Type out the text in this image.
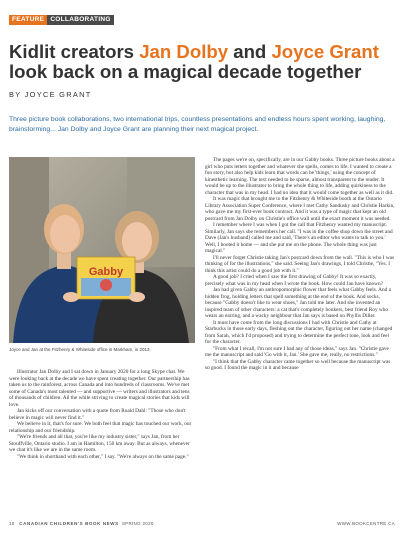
FEATURE COLLABORATING
Kidlit creators Jan Dolby and Joyce Grant look back on a magical decade together
BY JOYCE GRANT
Three picture book collaborations, two international trips, countless presentations and endless hours spent working, laughing, brainstorming... Jan Dolby and Joyce Grant are planning their next magical project.
Gabby
Joyce and Jan at the Fitzhenry & Whiteside office in Markham, in 2013.

Illustrator Jan Dolby and I sat down in January 2020 for a long Skype chat. We were looking back at the decade we have spent creating together. Our partnership has taken us to the rainforest, across Canada and into hundreds of classrooms. We've met some of Canada's most talented — and supportive — writers and illustrators and tens of thousands of children. All the while striving to create magical stories that kids will love.

Jan kicks off our conversation with a quote from Roald Dahl: "Those who don't believe in magic will never find it."

We believe in it, that's for sure. We both feel that magic has touched our work, our relationship and our friendship.

"We're friends and all that, you're like my industry sister," says Jan, from her Stouffville, Ontario studio. I am in Hamilton, 150 km away. But as always, whenever we chat it's like we are in the same room.

"We think in shorthand with each other," I say. "We're always on the same page."

The pages we're on, specifically, are in our Gabby books. Three picture books about a girl who puts letters together and whatever she spells, comes to life. I wanted to create a fun story, but also help kids learn that words can be 'things,' using the concept of kinesthetic learning. The text needed to be sparse, almost transparent to the reader. It would be up to the illustrator to bring the whole thing to life, adding quirkiness to the character that was in my head. I had no idea that it would come together as well as it did.

It was magic that brought me to the Fitzhenry & Whiteside booth at the Ontario Library Association Super Conference, where I met Cathy Sandusky and Christie Harkin, who gave me my first-ever book contract. And it was a type of magic that kept an old postcard from Jan Dolby on Christie's office wall until the exact moment it was needed.

I remember where I was when I got the call that Fitzhenry wanted my manuscript. Similarly, Jan says she remembers her call. "I was in the coffee shop down the street and Dave (Jan's husband) called me and said, 'There's an editor who wants to talk to you.' Well, I booted it home — and she put me on the phone. The whole thing was just magical."

I'll never forget Christie taking Jan's postcard down from the wall. "This is who I was thinking of for the illustrations," she said. Seeing Jan's drawings, I told Christie, "Yes. I think this artist could do a good job with it."

A good job? I cried when I saw the first drawing of Gabby! It was so exactly, precisely what was in my head when I wrote the book. How could Jan have known?

Jan had given Gabby an anthropomorphic flower that feels what Gabby feels. And a hidden frog, holding letters that spell something at the end of the book. And socks, because "Gabby doesn't like to wear shoes," Jan told me later. And she invented an inspired team of other characters: a cat that's completely bonkers, best friend Roy who wears an earring, and a wacky neighbour that Jan says is based on Phyllis Diller.

It must have come from the long discussions I had with Christie and Cathy at Starbucks in those early days, fleshing out the character, figuring out her name (changed from Sarah, which I'd proposed) and trying to determine the perfect tone, look and feel for the character.

"From what I recall, I'm not sure I had any of those ideas," says Jan. "Christie gave me the manuscript and said 'Go with it, Jan.' She gave me, really, no restrictions."

"I think that the Gabby character came together so well because the manuscript was so good. I found the magic in it and because

10 CANADIAN CHILDREN'S BOOK NEWS SPRING 2020	WWW.BOOKCENTRE.CA
